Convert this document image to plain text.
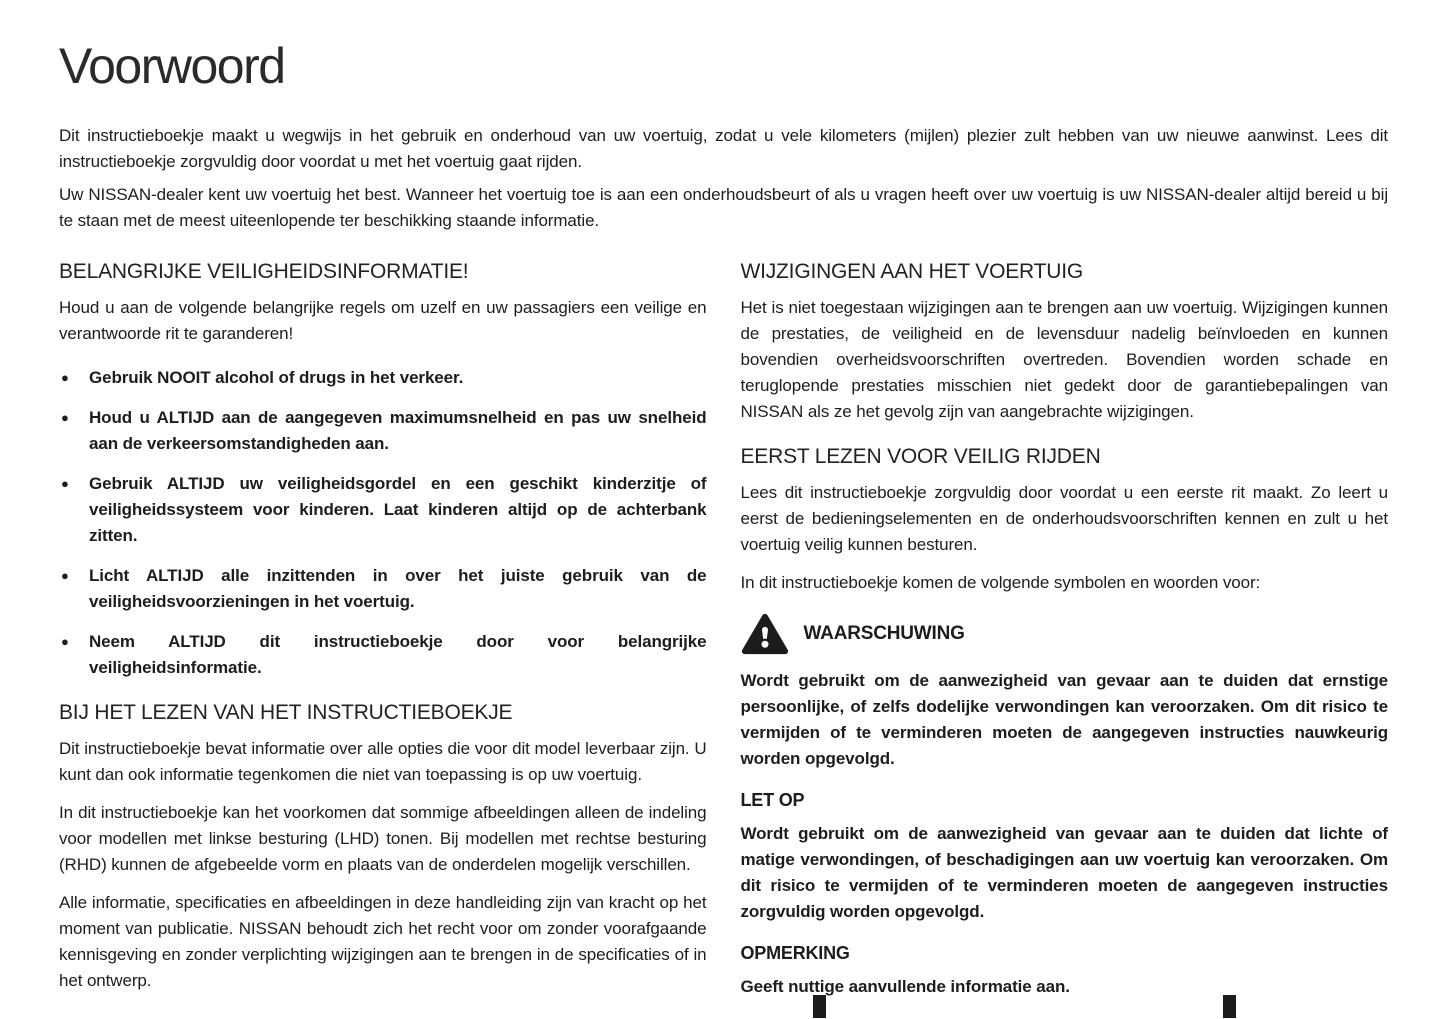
Voorwoord

Dit instructieboekje maakt u wegwijs in het gebruik en onderhoud van uw voertuig, zodat u vele kilometers (mijlen) plezier zult hebben van uw nieuwe aanwinst. Lees dit instructieboekje zorgvuldig door voordat u met het voertuig gaat rijden.

Uw NISSAN-dealer kent uw voertuig het best. Wanneer het voertuig toe is aan een onderhoudsbeurt of als u vragen heeft over uw voertuig is uw NISSAN-dealer altijd bereid u bij te staan met de meest uiteenlopende ter beschikking staande informatie.

BELANGRIJKE VEILIGHEIDSINFORMATIE!

Houd u aan de volgende belangrijke regels om uzelf en uw passagiers een veilige en verantwoorde rit te garanderen!

● Gebruik NOOIT alcohol of drugs in het verkeer.
● Houd u ALTIJD aan de aangegeven maximumsnelheid en pas uw snelheid aan de verkeersomstandigheden aan.
● Gebruik ALTIJD uw veiligheidsgordel en een geschikt kinderzitje of veiligheidssysteem voor kinderen. Laat kinderen altijd op de achterbank zitten.
● Licht ALTIJD alle inzittenden in over het juiste gebruik van de veiligheidsvoorzieningen in het voertuig.
● Neem ALTIJD dit instructieboekje door voor belangrijke veiligheidsinformatie.
BIJ HET LEZEN VAN HET INSTRUCTIEBOEKJE

Dit instructieboekje bevat informatie over alle opties die voor dit model leverbaar zijn. U kunt dan ook informatie tegenkomen die niet van toepassing is op uw voertuig.

In dit instructieboekje kan het voorkomen dat sommige afbeeldingen alleen de indeling voor modellen met linkse besturing (LHD) tonen. Bij modellen met rechtse besturing (RHD) kunnen de afgebeelde vorm en plaats van de onderdelen mogelijk verschillen.

Alle informatie, specificaties en afbeeldingen in deze handleiding zijn van kracht op het moment van publicatie. NISSAN behoudt zich het recht voor om zonder voorafgaande kennisgeving en zonder verplichting wijzigingen aan te brengen in de specificaties of in het ontwerp.

WIJZIGINGEN AAN HET VOERTUIG

Het is niet toegestaan wijzigingen aan te brengen aan uw voertuig. Wijzigingen kunnen de prestaties, de veiligheid en de levensduur nadelig beïnvloeden en kunnen bovendien overheidsvoorschriften overtreden. Bovendien worden schade en teruglopende prestaties misschien niet gedekt door de garantiebepalingen van NISSAN als ze het gevolg zijn van aangebrachte wijzigingen.

EERST LEZEN VOOR VEILIG RIJDEN

Lees dit instructieboekje zorgvuldig door voordat u een eerste rit maakt. Zo leert u eerst de bedieningselementen en de onderhoudsvoorschriften kennen en zult u het voertuig veilig kunnen besturen.

In dit instructieboekje komen de volgende symbolen en woorden voor:

WAARSCHUWING

Wordt gebruikt om de aanwezigheid van gevaar aan te duiden dat ernstige persoonlijke, of zelfs dodelijke verwondingen kan veroorzaken. Om dit risico te vermijden of te verminderen moeten de aangegeven instructies nauwkeurig worden opgevolgd.

LET OP

Wordt gebruikt om de aanwezigheid van gevaar aan te duiden dat lichte of matige verwondingen, of beschadigingen aan uw voertuig kan veroorzaken. Om dit risico te vermijden of te verminderen moeten de aangegeven instructies zorgvuldig worden opgevolgd.

OPMERKING

Geeft nuttige aanvullende informatie aan.
